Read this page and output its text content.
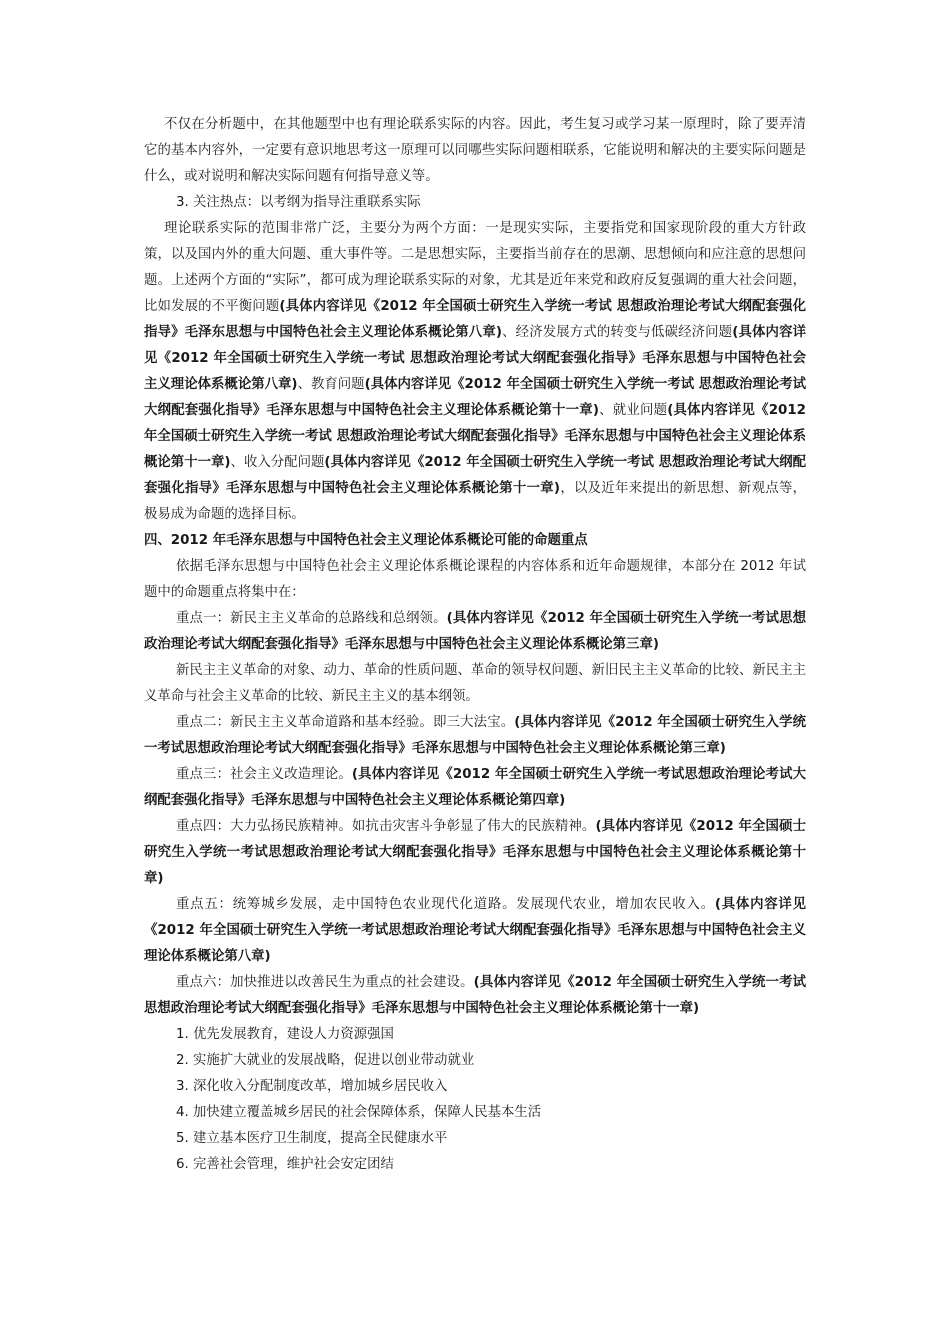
不仅在分析题中，在其他题型中也有理论联系实际的内容。因此，考生复习或学习某一原理时，除了要弄清它的基本内容外，一定要有意识地思考这一原理可以同哪些实际问题相联系，它能说明和解决的主要实际问题是什么，或对说明和解决实际问题有何指导意义等。

3. 关注热点：以考纲为指导注重联系实际

理论联系实际的范围非常广泛，主要分为两个方面：一是现实实际，主要指党和国家现阶段的重大方针政策，以及国内外的重大问题、重大事件等。二是思想实际，主要指当前存在的思潮、思想倾向和应注意的思想问题。上述两个方面的“实际”，都可成为理论联系实际的对象，尤其是近年来党和政府反复强调的重大社会问题，比如发展的不平衡问题(具体内容详见《2012 年全国硕士研究生入学统一考试 思想政治理论考试大纲配套强化指导》毛泽东思想与中国特色社会主义理论体系概论第八章)、经济发展方式的转变与低碳经济问题(具体内容详见《2012 年全国硕士研究生入学统一考试 思想政治理论考试大纲配套强化指导》毛泽东思想与中国特色社会主义理论体系概论第八章)、教育问题(具体内容详见《2012 年全国硕士研究生入学统一考试 思想政治理论考试大纲配套强化指导》毛泽东思想与中国特色社会主义理论体系概论第十一章)、就业问题(具体内容详见《2012 年全国硕士研究生入学统一考试 思想政治理论考试大纲配套强化指导》毛泽东思想与中国特色社会主义理论体系概论第十一章)、收入分配问题(具体内容详见《2012 年全国硕士研究生入学统一考试 思想政治理论考试大纲配套强化指导》毛泽东思想与中国特色社会主义理论体系概论第十一章)，以及近年来提出的新思想、新观点等，极易成为命题的选择目标。

四、2012 年毛泽东思想与中国特色社会主义理论体系概论可能的命题重点

依据毛泽东思想与中国特色社会主义理论体系概论课程的内容体系和近年命题规律，本部分在 2012 年试题中的命题重点将集中在：

重点一：新民主主义革命的总路线和总纲领。(具体内容详见《2012 年全国硕士研究生入学统一考试思想政治理论考试大纲配套强化指导》毛泽东思想与中国特色社会主义理论体系概论第三章)

新民主主义革命的对象、动力、革命的性质问题、革命的领导权问题、新旧民主主义革命的比较、新民主主义革命与社会主义革命的比较、新民主主义的基本纲领。

重点二：新民主主义革命道路和基本经验。即三大法宝。(具体内容详见《2012 年全国硕士研究生入学统一考试思想政治理论考试大纲配套强化指导》毛泽东思想与中国特色社会主义理论体系概论第三章)

重点三：社会主义改造理论。(具体内容详见《2012 年全国硕士研究生入学统一考试思想政治理论考试大纲配套强化指导》毛泽东思想与中国特色社会主义理论体系概论第四章)

重点四：大力弘扬民族精神。如抗击灾害斗争彰显了伟大的民族精神。(具体内容详见《2012 年全国硕士研究生入学统一考试思想政治理论考试大纲配套强化指导》毛泽东思想与中国特色社会主义理论体系概论第十章)

重点五：统筹城乡发展，走中国特色农业现代化道路。发展现代农业，增加农民收入。(具体内容详见《2012 年全国硕士研究生入学统一考试思想政治理论考试大纲配套强化指导》毛泽东思想与中国特色社会主义理论体系概论第八章)

重点六：加快推进以改善民生为重点的社会建设。(具体内容详见《2012 年全国硕士研究生入学统一考试思想政治理论考试大纲配套强化指导》毛泽东思想与中国特色社会主义理论体系概论第十一章)

1. 优先发展教育，建设人力资源强国

2. 实施扩大就业的发展战略，促进以创业带动就业

3. 深化收入分配制度改革，增加城乡居民收入

4. 加快建立覆盖城乡居民的社会保障体系，保障人民基本生活

5. 建立基本医疗卫生制度，提高全民健康水平

6. 完善社会管理，维护社会安定团结
